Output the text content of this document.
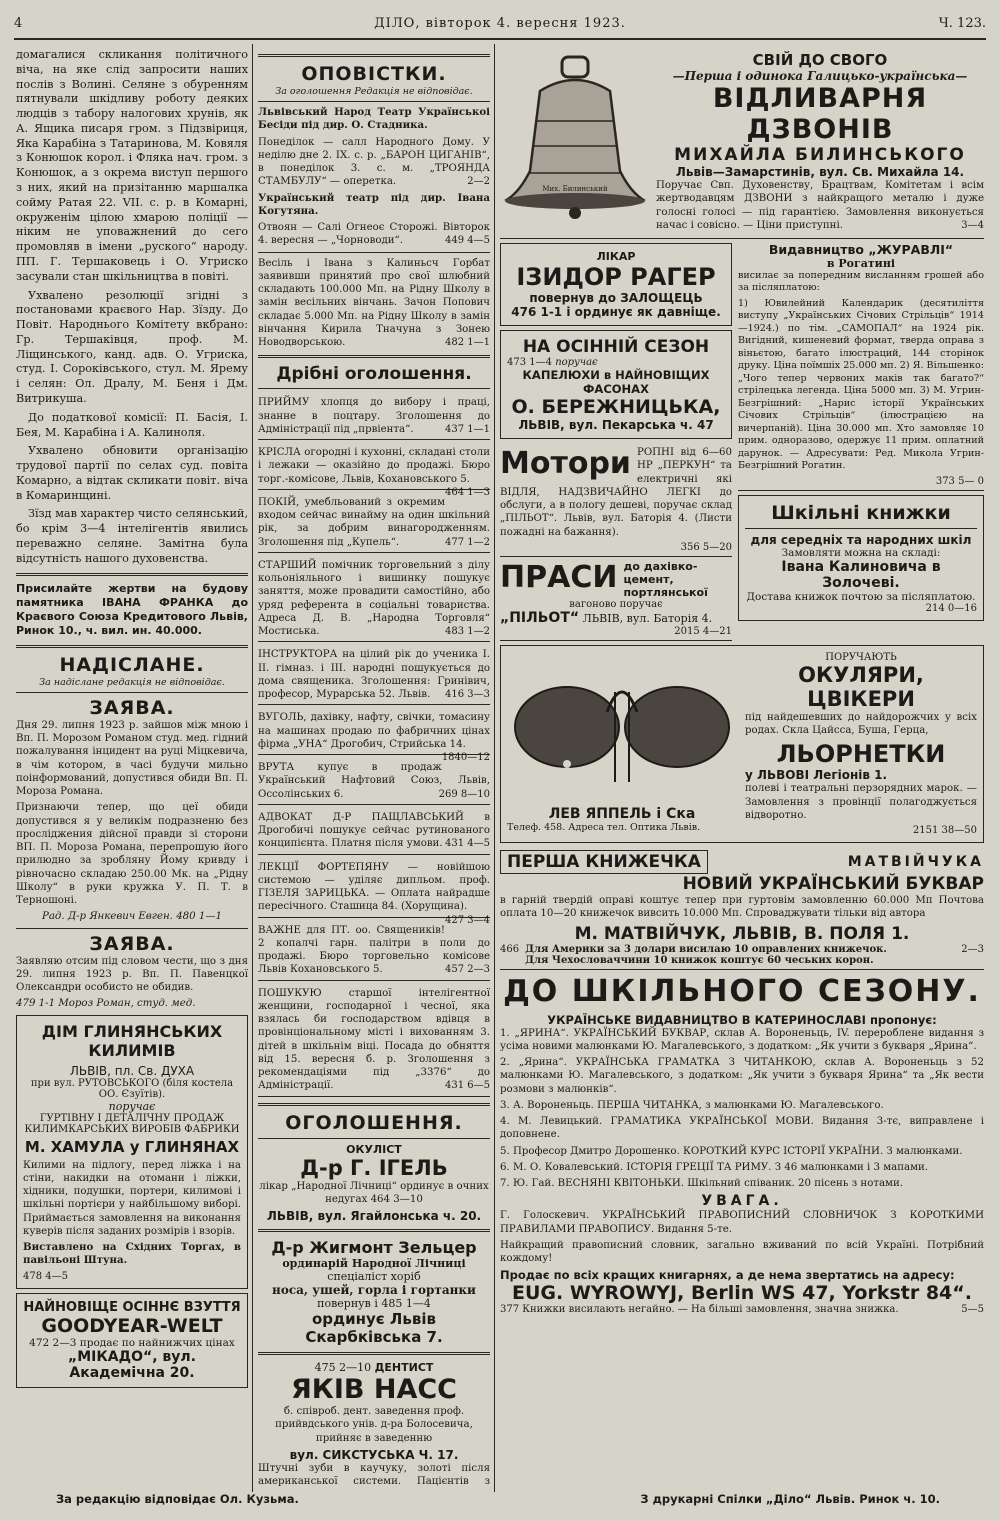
4	ДІЛО, вівторок 4. вересня 1923.	Ч. 123.

домагалися скликання політичного віча, на яке слід запросити наших послів з Волині. Селяне з обуренням пятнували шкідливу роботу деяких людців з табору налогових хрунів, як А. Ящика писаря гром. з Підзвіриця, Яка Карабіна з Татаринова, М. Ковяля з Конюшок корол. і Фляка нач. гром. з Конюшок, а з окрема виступ першого з них, який на призітанню маршалка сойму Ратая 22. VII. с. р. в Комарні, окруженім цілою хмарою поліції — ніким не уповажнений до сего промовляв в імени „руского“ народу. ПП. Г. Тершаковець і О. Угриско засували стан шкільництва в повіті.

Ухвалено резолюції згідні з постановами краєвого Нар. Зїзду. До Повіт. Народнього Комітету вкбрано: Гр. Тершаківця, проф. М. Ліщинського, канд. адв. О. Угриска, студ. І. Сороківського, стул. М. Ярему і селян: Ол. Дралу, М. Беня і Дм. Витрикуша.

До податкової комісії: П. Басія, І. Бея, М. Карабіна і А. Калиноля.

Ухвалено обновити організацію трудової партії по селах суд. повіта Комарно, а відтак скликати повіт. віча в Комаринщині.

Зїзд мав характер чисто селянський, бо крім 3—4 інтелігентів явились переважно селяне. Замітна була відсутність нашого духовенства.

Присилайте жертви на будову памятника ІВАНА ФРАНКА до Краєвого Союза Кредитового Львів, Ринок 10., ч. вил. ин. 40.000.

НАДІСЛАНЕ.
За надіслане редакція не відповідає.
ЗАЯВА.

Дня 29. липня 1923 р. зайшов між мною і Вп. П. Морозом Романом студ. мед. гідний пожалування інцидент на руці Міцкевича, в чім котором, в часі будучи мильно поінформований, допустився обиди Вп. П. Мороза Романа.

Признаючи тепер, що цеї обиди допустився я у великім подразненю без просліджения дійсної правди зі сторони ВП. П. Мороза Романа, перепрошую його прилюдно за зробляну Йому кривду і рівночасно складаю 250.00 Мк. на „Рідну Школу“ в руки кружка У. П. Т. в Терношоні.

Рад. Д-р Янкевич Евген. 480 1—1

ЗАЯВА.

Заявляю отсим під словом чести, що з дня 29. липня 1923 р. Вп. П. Павенцкої Олександри особисто не обидив.

479 1-1 Мороз Роман, студ. мед.

ДІМ ГЛИНЯНСЬКИХ КИЛИМІВ
ЛЬВІВ, пл. Св. ДУХА
при вул. РУТОВСЬКОГО (біля костела ОО. Єзуїтів).
поручає
ГУРТІВНУ І ДЕТАЛІЧНУ ПРОДАЖ КИЛИМКАРСЬКИХ ВИРОБІВ ФАБРИКИ
М. ХАМУЛА у ГЛИНЯНАХ

Килими на підлогу, перед ліжка і на стіни, накидки на отомани і ліжки, хідники, подушки, портери, килимові і шкільні портієри у найбільшому виборі. Приймається замовлення на виконання куверів після заданих розмірів і взорів.

Виставлено на Східних Торгах, в павільоні Штуна.

478 4—5
НАЙНОВІЩЕ ОСІННЄ ВЗУТТЯ
GOODYEAR-WELT
472 2—3 продає по найнижчих цінах
„МІКАДО“, вул. Академічна 20.
ОПОВІСТКИ.
За оголошення Редакція не відповідає.

Львівський Народ Театр Українськоі Бесіди під дир. О. Стадника.

Понеділок — салл Народного Дому. У неділю дне 2. IX. с. р. „БАРОН ЦИГАНІВ“, в понеділок 3. с. м. „ТРОЯНДА СТАМБУЛУ“ — оперетка.	2—2

Український театр під дир. Івана Когутяна.

Отвоян — Салі Огнеоє Сторожі. Вівторок 4. вересня — „Чорноводи“.	449 4—5

Весіль і Івана з Калиньсч Горбат заявивши принятий про свої шлюбний складають 100.000 Мп. на Рідну Школу в замін весільних вінчань. Зачон Попович складає 5.000 Мп. на Рідну Школу в замін вінчання Кирила Тначуна з Зонею Новодворською.	482 1—1

Дрібні оголошення.

ПРИЙМУ хлопця до вибору і праці, знанне в поцтару. Зголошення до Адміністрації під „првіента“.	437 1—1

КРІСЛА огородні і кухонні, складані столи і лежаки — оказійно до продажі. Бюро торг.-комісове, Львів, Кохановського 5.
464 1—3

ПОКІЙ, умебльований з окремим входом сейчас винайму на один шкільний рік, за добрим винагородженням. Зголошення під „Купель“.	477 1—2

СТАРШИЙ помічник торговельний з ділу кольоніяльного і вишинку пошукує заняття, може провадити самостійно, або уряд референта в соціальні товариства. Адреса Д. В. „Народна Торговля“ Мостиська.	483 1—2

ІНСТРУКТОРА на цілий рік до ученика І. II. гімназ. і III. народні пошукується до дома священика. Зголошення: Гринівич, професор, Мурарська 52. Львів. 416 3—3

ВУГОЛЬ, дахівку, нафту, свічки, томасину на машинах продаю по фабричних цінах фірма „УНА“ Дрогобич, Стрийська 14.
1840—12

ВРУТА купує в продаж Український Нафтовий Союз, Львів, Оссолінських 6.	269 8—10

АДВОКАТ Д-Р ПАЩЛАВСЬКИЙ в Дрогобичі пошукує сейчас рутинованого конципієнта. Платня після умови. 431 4—5

ЛЕКЦІЇ ФОРТЕПЯНУ — новійшою системою — уділяє дипльом. проф. ГІЗЕЛЯ ЗАРИЦЬКА. — Оплата найрадше пересічного. Сташица 84. (Хорущина).
427 3—4

ВАЖНЕ для ПТ. оо. Священиків! 2 копалчі гарн. палітри в поли до продажі. Бюро торговельно комісове Львів Кохановського 5.	457 2—3

ПОШУКУЮ старшої інтелігентної женщини, господарної і чесної, яка взялась би господарством вдівця в провінціональному місті і вихованням 3. дітей в шкільнім віці. Посада до обняття від 15. вересня б. р. Зголошення з рекомендаціями під „3376“ до Адміністрації.	431 6—5

ОГОЛОШЕННЯ.
ОКУЛІСТ
Д-р Г. ІГЕЛЬ

лікар „Народної Лічниці“ ординує в очних недугах 464 3—10

ЛЬВІВ, вул. Ягайлонська ч. 20.
Д-р Жигмонт Зельцер
ординарій Народної Лічниці
спеціаліст хоріб
носа, ушей, горла і гортанки
повернув і 485 1—4
ординує Львів Скарбківська 7.
475 2—10 ДЕНТИСТ
ЯКІВ НАСС

б. співроб. дент. заведення проф. прийвдського унів. д-ра Болосевича, прийняє в заведенню

вул. СИКСТУСЬКА Ч. 17.

Штучні зуби в каучуку, золоті після американської системи. Пацієнтів з

Мих. Билинський
СВІЙ ДО СВОГО
—Перша і одинока Галицько-українська—
ВІДЛИВАРНЯ ДЗВОНІВ
МИХАЙЛА БИЛИНСЬКОГО
Львів—Замарстинів, вул. Св. Михайла 14.

Поручає Свп. Духовенству, Брацтвам, Комітетам і всім жертводавцям ДЗВОНИ з найкращого металю і дуже голосні голосі — під гарантією. Замовлення виконується начас і совісно. — Ціни приступні.	3—4

ЛІКАР
ІЗИДОР РАГЕР
повернув до ЗАЛОЩЕЦЬ
476 1-1 і ординує як давніще.
НА ОСІННІЙ СЕЗОН
473 1—4 поручає
КАПЕЛЮХИ в НАЙНОВІЩИХ ФАСОНАХ
О. БЕРЕЖНИЦЬКА,
ЛЬВІВ, вул. Пекарська ч. 47
Мотори РОПНІ від 6—60 НР „ПЕРКУН“ та електричні які ВІДЛЯ, НАДЗВИЧАЙНО ЛЕГКІ до обслуги, а в пологу дешеві, поручає склад „ПІЛЬОТ“. Львів, вул. Баторія 4. (Листи пожадні на бажання).

356 5—20
ПРАСИ до дахівко-цемент, портлянської
вагоново поручає
„ПІЛЬОТ“ ЛЬВІВ, вул. Баторія 4.
2015 4—21
Видавництво „ЖУРАВЛІ“
в Рогатині

висилає за попередним висланням грошей або за післяплатою:

1) Ювилейний Календарик (десятиліття виступу „Українських Січових Стрільців“ 1914—1924.) по тім. „САМОПАЛ“ на 1924 рік. Вигідний, кишеневий формат, тверда оправа з віньєтою, багато ілюстраций, 144 сторінок друку. Ціна поїмшіх 25.000 мп. 2) Я. Вільшенко: „Чого тепер червоних маків так багато?“ стрілецька легенда. Ціна 5000 мп. 3) М. Угрин-Безгрішний: „Нарис історії Українських Січових Стрільців“ (ілюстрацією на вичерпаній). Ціна 30.000 мп. Хто замовляє 10 прим. одноразово, одержує 11 прим. оплатний дарунок. — Адресувати: Ред. Микола Угрин-Безгрішний Рогатин.

373 5— 0
Шкільні книжки
для середніх та народних шкіл
Замовляти можна на складі:
Івана Калиновича в Золочеві.
Достава книжок почтою за післяплатою.
214 0—16
ЛЕВ ЯППЕЛЬ і Ска
Телеф. 458. Адреса тел. Оптика Львів.
ПОРУЧАЮТЬ
ОКУЛЯРИ, ЦВІКЕРИ

під найдешевших до найдорожчих у всіх родах. Скла Цайсса, Буша, Герца,

ЛЬОРНЕТКИ
у ЛЬВОВІ Легіонів 1.

полеві і театральні перзорядних марок. — Замовлення з провінції полагоджується відворотно.

2151 38—50
ПЕРША КНИЖЕЧКА	МАТВІЙЧУКА
НОВИЙ УКРАЇНСЬКИЙ БУКВАР

в гарній твердій оправі коштує тепер при гуртовім замовленню 60.000 Мп Почтова оплата 10—20 книжечок вивсить 10.000 Мп. Спроваджувати тільки від автора

М. МАТВІЙЧУК, ЛЬВІВ, В. ПОЛЯ 1.
466 Для Америки за 3 долари висилаю 10 оправлених книжечок.
Для Чехословаччини 10 книжок коштує 60 чеських корон.
2—3
ДО ШКІЛЬНОГО СЕЗОНУ.
УКРАЇНСЬКЕ ВИДАВНИЦТВО В КАТЕРИНОСЛАВІ пропонує:

1. „ЯРИНА“. УКРАЇНСЬКИЙ БУКВАР, склав А. Вороненьць, IV. перероблене видання з усіма новими малюнками Ю. Магалевського, з додатком: „Як учити з букваря „Ярина“.

2. „Ярина“. УКРАЇНСЬКА ГРАМАТКА З ЧИТАНКОЮ, склав А. Вороненьць з 52 малюнками Ю. Магалевського, з додатком: „Як учити з букваря Ярина“ та „Як вести розмови з малюнків“.

3. А. Вороненьць. ПЕРША ЧИТАНКА, з малюнками Ю. Магалевського.

4. М. Левицький. ГРАМАТИКА УКРАЇНСЬКОЇ МОВИ. Видання 3-тє, виправлене і доповнене.

5. Професор Дмитро Дорошенко. КОРОТКИЙ КУРС ІСТОРІЇ УКРАЇНИ. З малюнками.

6. М. О. Ковалевський. ІСТОРІЯ ГРЕЦІЇ ТА РИМУ. З 46 малюнками і 3 мапами.

7. Ю. Гай. ВЕСНЯНІ КВІТОНЬКИ. Шкільний співаник. 20 пісень з нотами.

УВАГА.

Г. Голоскевич. УКРАЇНСЬКИЙ ПРАВОПИСНИЙ СЛОВНИЧОК З КОРОТКИМИ ПРАВИЛАМИ ПРАВОПИСУ. Видання 5-те.

Найкращий правописний словник, загально вживаний по всій Україні. Потрібний кождому!

Продає по всіх кращих книгарнях, а де нема звертатись на адресу:
EUG. WYROWYJ, Berlin WS 47, Yorkstr 84“.
377 Книжки висилають негайно. — На більші замовлення, значна знижка.	5—5
За редакцію відповідає Ол. Кузьма.	З друкарні Спілки „Діло“ Львів. Ринок ч. 10.
